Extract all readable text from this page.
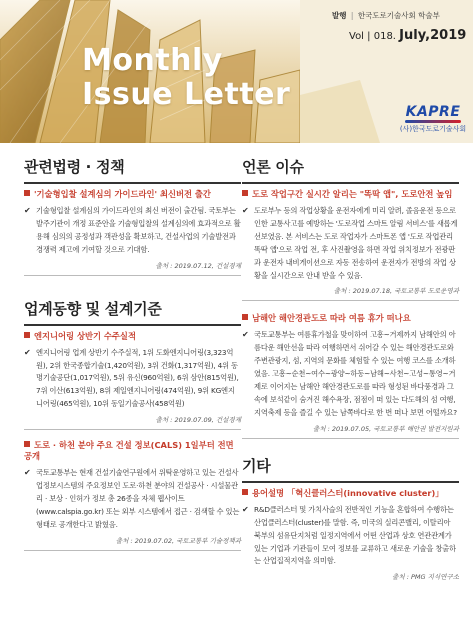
Monthly
Issue Letter
발행 | 한국도로기술사회 학술부
Vol | 018. July,2019
KAPRE
(사)한국도로기술사회
관련법령 · 정책
'기술형입찰 설계심의 가이드라인' 최신버전 출간
✔ 기술형입찰 설계심의 가이드라인의 최신 버전이 출간됨. 국토부는 발주기관이 개정 표준안을 기술형입찰의 설계심의에 효과적으로 활용해 심의의 공정성과 객관성을 확보하고, 건설사업의 기술발전과 경쟁력 제고에 기여할 것으로 기대함.
출처 : 2019.07.12, 건설경제
업계동향 및 설계기준
엔지니어링 상반기 수주실적
✔ 엔지니어링 업계 상반기 수주실적, 1위 도화엔지니어링(3,323억원), 2위 한국종합기술(1,420억원), 3위 건화(1,317억원), 4위 동명기술공단(1,017억원), 5위 유신(960억원), 6위 삼안(815억원), 7위 이산(613억원), 8위 제일엔지니어링(474억원), 9위 KG엔지니어링(465억원), 10위 동일기술공사(458억원)
출처 : 2019.07.09, 건설경제
도로 · 하천 분야 주요 건설 정보(CALS) 1일부터 전면 공개
✔ 국토교통부는 현재 건설기술연구원에서 위탁운영하고 있는 건설사업정보시스템의 주요정보인 도로·하천 분야의 건설공사 · 시설물관리 · 보상 · 인허가 정보 총 26종을 자체 웹사이트(www.calspia.go.kr) 또는 외부 시스템에서 접근 · 검색할 수 있는 형태로 공개한다고 밝혔음.
출처 : 2019.07.02, 국토교통부 기술정책과
언론 이슈
도로 작업구간 실시간 알리는 "똑딱 앱", 도로안전 높임
✔ 도로부누 등의 작업상황을 운전자에게 미리 알려, 졸음운전 등으로 인한 교통사고를 예방하는 '도로작업 스마트 알림 서비스'를 새롭게 선보였음. 본 서비스는 도로 작업자가 스마트폰 앱 '도로 작업관리 똑딱 앱'으로 작업 전, 후 사진촬영을 하면 작업 위치정보가 전광판과 운전자 내비게이션으로 자동 전송하여 운전자가 전방의 작업 상황을 실시간으로 안내 받을 수 있음.
출처 : 2019.07.18, 국토교통부 도로운영과
남해안 해안경관도로 따라 여름 휴가 떠나요
✔ 국토교통부는 여름휴가철을 맞이하여 고흥~거제까지 남해안의 아름다운 해안선을 따라 여행하면서 쉬어갈 수 있는 해안경관도로와 주변관광지, 섬, 지역의 문화를 체험할 수 있는 여행 코스를 소개하였음. 고흥~순천~여수~광양~하동~남해~사천~고성~통영~거제로 이어지는 남해안 해안경관도로를 따라 형성된 바다풍경과 그 속에 보석같이 숨겨진 해수욕장, 점점이 떠 있는 다도해의 섬 여행, 지역축제 등을 즐길 수 있는 남쪽바다로 한 번 떠나 보면 어떨까요?
출처 : 2019.07.05, 국토교통부 해안권 발전지원과
기타
용어설명 「혁신클러스터(innovative cluster)」
✔ R&D클러스터 및 가치사슬의 전반적인 기능을 혼합하여 수행하는 산업클러스터(cluster)를 말함. 즉, 미국의 실리콘밸리, 이탈리아 북부의 섬유단지처럼 일정지역에서 어떤 산업과 상호 연관관계가 있는 기업과 기관들이 모여 정보를 교류하고 새로운 기술을 창출하는 산업집적지역을 의미함.
출처 : PMG 지식연구소
